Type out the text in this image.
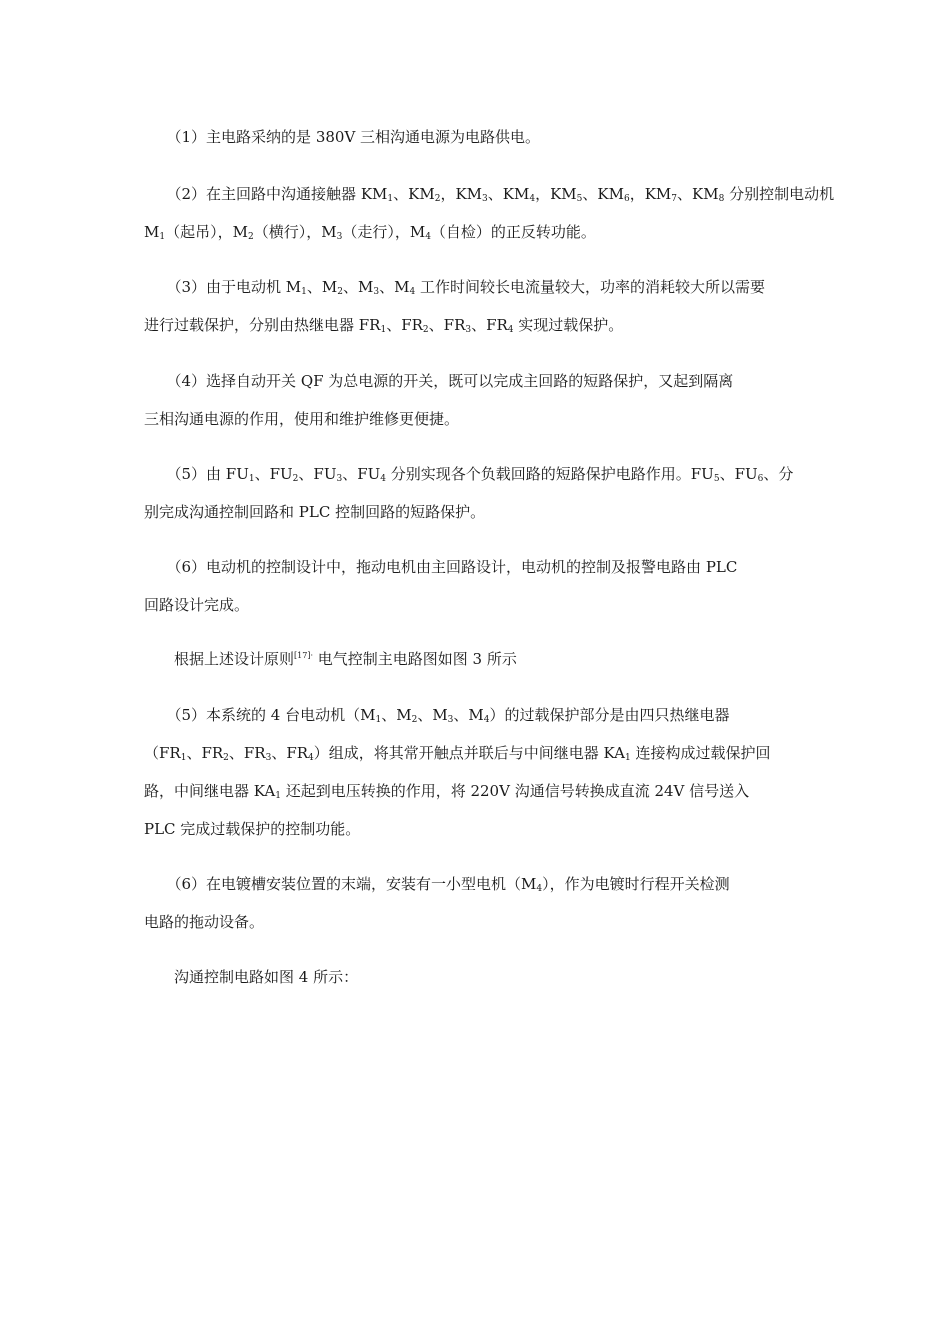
　　（1）主电路采纳的是 380V 三相沟通电源为电路供电。

　　（2）在主回路中沟通接触器 $KM_1$、$KM_2$，$KM_3$、$KM_4$，$KM_5$、$KM_6$，$KM_7$、$KM_8$ 分别控制电动机
$M_1$（起吊），$M_2$（横行），$M_3$（走行），$M_4$（自检）的正反转功能。

　　（3）由于电动机 $M_1$、$M_2$、$M_3$、$M_4$ 工作时间较长电流量较大，功率的消耗较大所以需要
进行过载保护，分别由热继电器 $FR_1$、$FR_2$、$FR_3$、$FR_4$ 实现过载保护。

　　（4）选择自动开关 QF 为总电源的开关，既可以完成主回路的短路保护，又起到隔离
三相沟通电源的作用，使用和维护维修更便捷。

　　（5）由 $FU_1$、$FU_2$、$FU_3$、$FU_4$ 分别实现各个负载回路的短路保护电路作用。$FU_5$、$FU_6$、分
别完成沟通控制回路和 PLC 控制回路的短路保护。

　　（6）电动机的控制设计中，拖动电机由主回路设计，电动机的控制及报警电路由 PLC
回路设计完成。

　　根据上述设计原则$^{[17]\cdot}$ 电气控制主电路图如图 3 所示

　　（5）本系统的 4 台电动机（$M_1$、$M_2$、$M_3$、$M_4$）的过载保护部分是由四只热继电器
（$FR_1$、$FR_2$、$FR_3$、$FR_4$）组成，将其常开触点并联后与中间继电器 $KA_1$ 连接构成过载保护回
路，中间继电器 $KA_1$ 还起到电压转换的作用，将 220V 沟通信号转换成直流 24V 信号送入
PLC 完成过载保护的控制功能。

　　（6）在电镀槽安装位置的末端，安装有一小型电机$(M_4)$，作为电镀时行程开关检测
电路的拖动设备。

　　沟通控制电路如图 4 所示：
